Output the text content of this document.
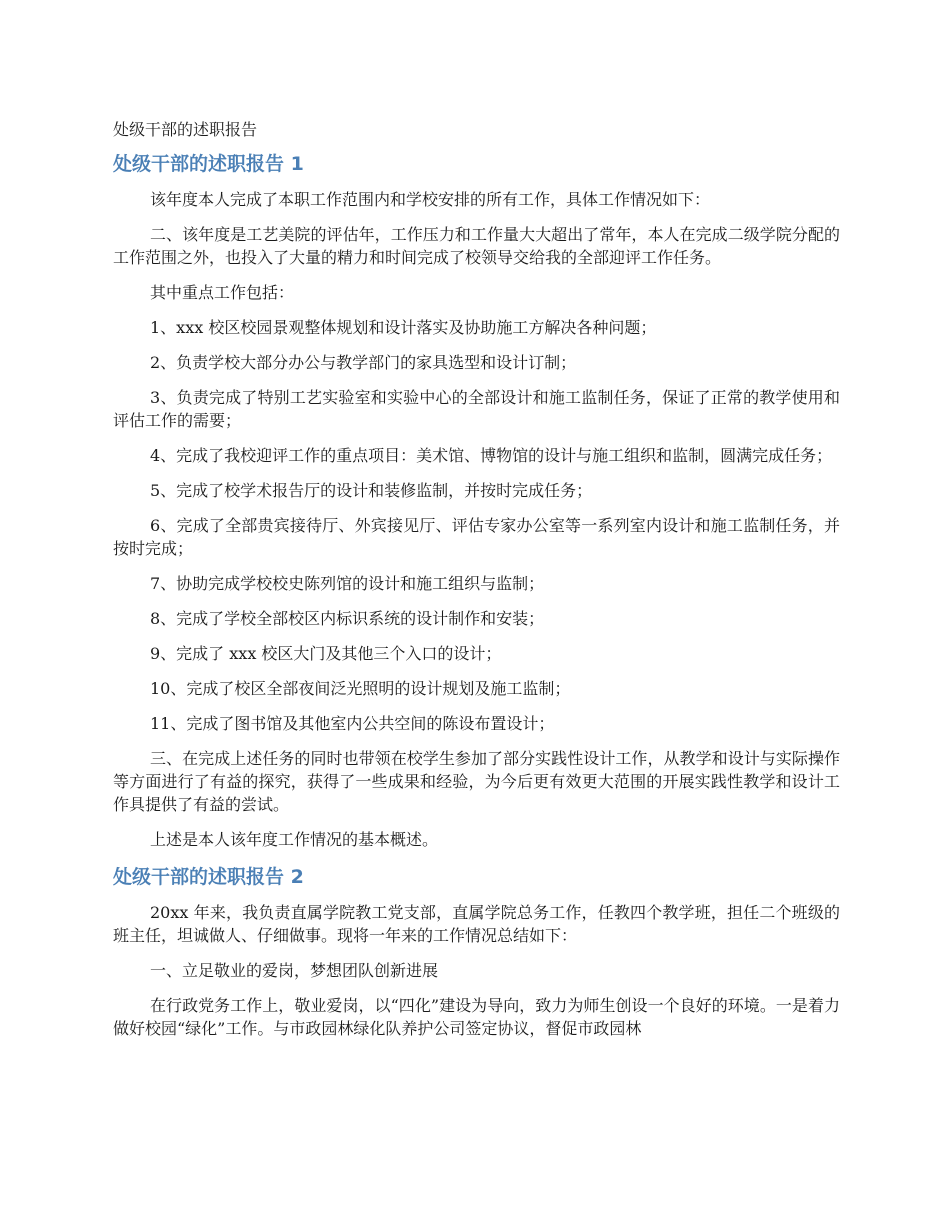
处级干部的述职报告
处级干部的述职报告 1

该年度本人完成了本职工作范围内和学校安排的所有工作，具体工作情况如下：

二、该年度是工艺美院的评估年，工作压力和工作量大大超出了常年，本人在完成二级学院分配的工作范围之外，也投入了大量的精力和时间完成了校领导交给我的全部迎评工作任务。

其中重点工作包括：

1、xxx 校区校园景观整体规划和设计落实及协助施工方解决各种问题；

2、负责学校大部分办公与教学部门的家具选型和设计订制；

3、负责完成了特别工艺实验室和实验中心的全部设计和施工监制任务，保证了正常的教学使用和评估工作的需要；

4、完成了我校迎评工作的重点项目：美术馆、博物馆的设计与施工组织和监制，圆满完成任务；

5、完成了校学术报告厅的设计和装修监制，并按时完成任务；

6、完成了全部贵宾接待厅、外宾接见厅、评估专家办公室等一系列室内设计和施工监制任务，并按时完成；

7、协助完成学校校史陈列馆的设计和施工组织与监制；

8、完成了学校全部校区内标识系统的设计制作和安装；

9、完成了 xxx 校区大门及其他三个入口的设计；

10、完成了校区全部夜间泛光照明的设计规划及施工监制；

11、完成了图书馆及其他室内公共空间的陈设布置设计；

三、在完成上述任务的同时也带领在校学生参加了部分实践性设计工作，从教学和设计与实际操作等方面进行了有益的探究，获得了一些成果和经验，为今后更有效更大范围的开展实践性教学和设计工作具提供了有益的尝试。

上述是本人该年度工作情况的基本概述。

处级干部的述职报告 2

20xx 年来，我负责直属学院教工党支部，直属学院总务工作，任教四个教学班，担任二个班级的班主任，坦诚做人、仔细做事。现将一年来的工作情况总结如下：

一、立足敬业的爱岗，梦想团队创新进展

在行政党务工作上，敬业爱岗，以“四化”建设为导向，致力为师生创设一个良好的环境。一是着力做好校园“绿化”工作。与市政园林绿化队养护公司签定协议，督促市政园林
